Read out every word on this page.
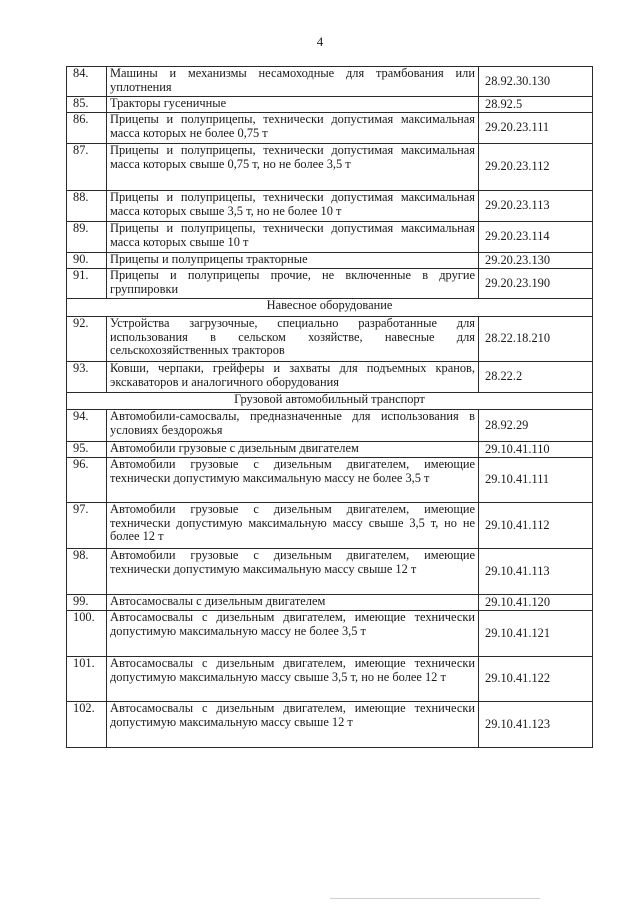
4
84.	Машины и механизмы несамоходные для трамбования или уплотнения	28.92.30.130
85.	Тракторы гусеничные	28.92.5
86.	Прицепы и полуприцепы, технически допустимая максимальная масса которых не более 0,75 т	29.20.23.111
87.	Прицепы и полуприцепы, технически допустимая максимальная масса которых свыше 0,75 т, но не более 3,5 т	29.20.23.112
88.	Прицепы и полуприцепы, технически допустимая максимальная масса которых свыше 3,5 т, но не более 10 т	29.20.23.113
89.	Прицепы и полуприцепы, технически допустимая максимальная масса которых свыше 10 т	29.20.23.114
90.	Прицепы и полуприцепы тракторные	29.20.23.130
91.	Прицепы и полуприцепы прочие, не включенные в другие группировки	29.20.23.190
Навесное оборудование		
92.	Устройства загрузочные, специально разработанные для использования в сельском хозяйстве, навесные для сельскохозяйственных тракторов	28.22.18.210
93.	Ковши, черпаки, грейферы и захваты для подъемных кранов, экскаваторов и аналогичного оборудования	28.22.2
Грузовой автомобильный транспорт		
94.	Автомобили-самосвалы, предназначенные для использования в условиях бездорожья	28.92.29
95.	Автомобили грузовые с дизельным двигателем	29.10.41.110
96.	Автомобили грузовые с дизельным двигателем, имеющие технически допустимую максимальную массу не более 3,5 т	29.10.41.111
97.	Автомобили грузовые с дизельным двигателем, имеющие технически допустимую максимальную массу свыше 3,5 т, но не более 12 т	29.10.41.112
98.	Автомобили грузовые с дизельным двигателем, имеющие технически допустимую максимальную массу свыше 12 т	29.10.41.113
99.	Автосамосвалы с дизельным двигателем	29.10.41.120
100.	Автосамосвалы с дизельным двигателем, имеющие технически допустимую максимальную массу не более 3,5 т	29.10.41.121
101.	Автосамосвалы с дизельным двигателем, имеющие технически допустимую максимальную массу свыше 3,5 т, но не более 12 т	29.10.41.122
102.	Автосамосвалы с дизельным двигателем, имеющие технически допустимую максимальную массу свыше 12 т	29.10.41.123
